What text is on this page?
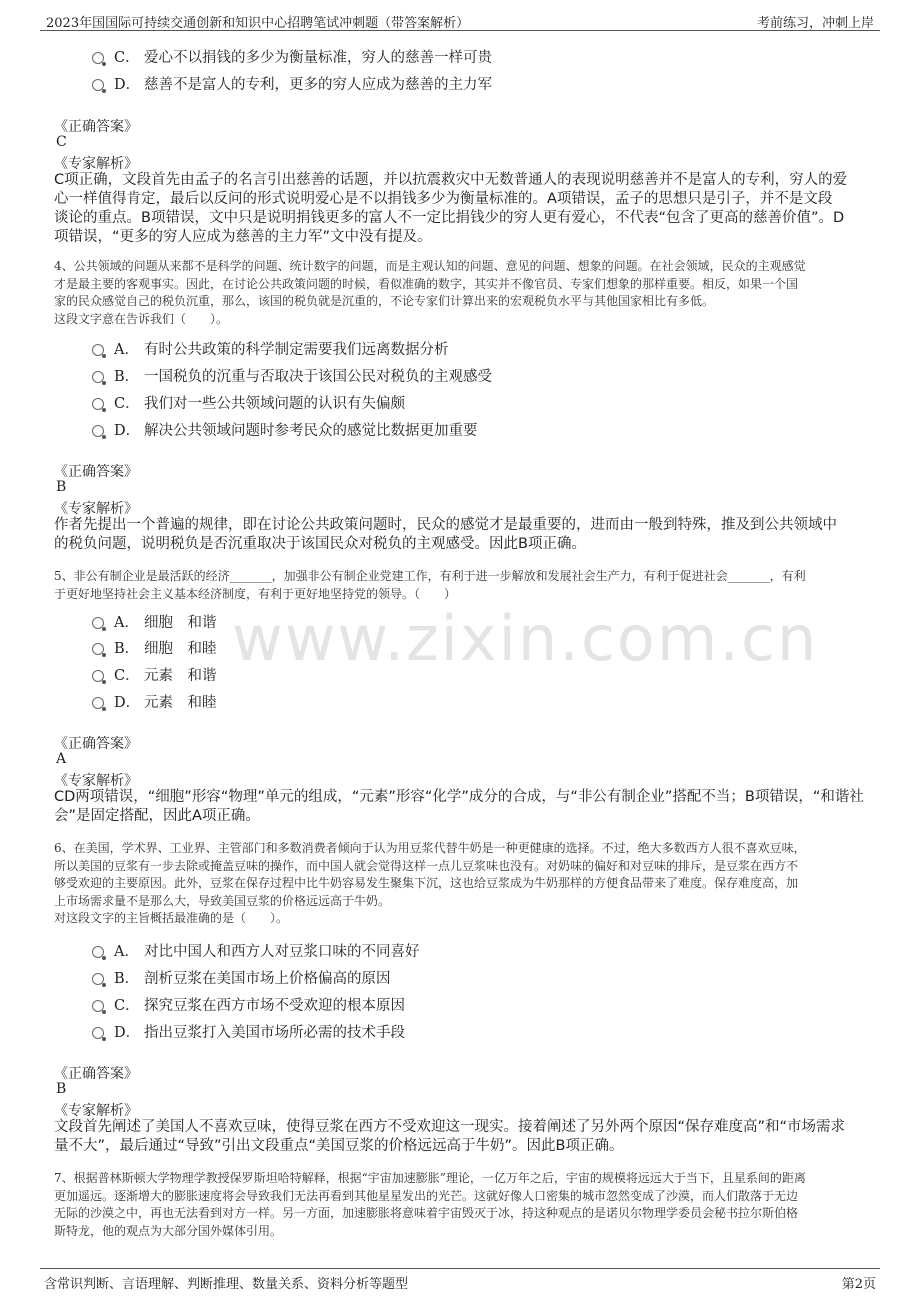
2023年国国际可持续交通创新和知识中心招聘笔试冲刺题（带答案解析）	考前练习，冲刺上岸
www.zixin.com.cn
C． 爱心不以捐钱的多少为衡量标准，穷人的慈善一样可贵
D． 慈善不是富人的专利，更多的穷人应成为慈善的主力军
《正确答案》
C
《专家解析》
C项正确，文段首先由孟子的名言引出慈善的话题，并以抗震救灾中无数普通人的表现说明慈善并不是富人的专利，穷人的爱
心一样值得肯定，最后以反问的形式说明爱心是不以捐钱多少为衡量标准的。A项错误，孟子的思想只是引子，并不是文段
谈论的重点。B项错误，文中只是说明捐钱更多的富人不一定比捐钱少的穷人更有爱心，不代表“包含了更高的慈善价值”。D
项错误，“更多的穷人应成为慈善的主力军”文中没有提及。
4、公共领域的问题从来都不是科学的问题、统计数字的问题，而是主观认知的问题、意见的问题、想象的问题。在社会领域，民众的主观感觉
才是最主要的客观事实。因此，在讨论公共政策问题的时候，看似准确的数字，其实并不像官员、专家们想象的那样重要。相反，如果一个国
家的民众感觉自己的税负沉重，那么，该国的税负就是沉重的，不论专家们计算出来的宏观税负水平与其他国家相比有多低。
这段文字意在告诉我们（　　）。
A． 有时公共政策的科学制定需要我们远离数据分析
B． 一国税负的沉重与否取决于该国公民对税负的主观感受
C． 我们对一些公共领域问题的认识有失偏颇
D． 解决公共领域问题时参考民众的感觉比数据更加重要
《正确答案》
B
《专家解析》
作者先提出一个普遍的规律，即在讨论公共政策问题时，民众的感觉才是最重要的，进而由一般到特殊，推及到公共领域中
的税负问题，说明税负是否沉重取决于该国民众对税负的主观感受。因此B项正确。
5、非公有制企业是最活跃的经济_______，加强非公有制企业党建工作，有利于进一步解放和发展社会生产力，有利于促进社会_______，有利
于更好地坚持社会主义基本经济制度，有利于更好地坚持党的领导。（　　）
A． 细胞　和谐
B． 细胞　和睦
C． 元素　和谐
D． 元素　和睦
《正确答案》
A
《专家解析》
CD两项错误，“细胞”形容“物理”单元的组成，“元素”形容“化学”成分的合成，与“非公有制企业”搭配不当；B项错误，“和谐社
会”是固定搭配，因此A项正确。
6、在美国，学术界、工业界、主管部门和多数消费者倾向于认为用豆浆代替牛奶是一种更健康的选择。不过，绝大多数西方人很不喜欢豆味，
所以美国的豆浆有一步去除或掩盖豆味的操作，而中国人就会觉得这样一点儿豆浆味也没有。对奶味的偏好和对豆味的排斥，是豆浆在西方不
够受欢迎的主要原因。此外，豆浆在保存过程中比牛奶容易发生聚集下沉，这也给豆浆成为牛奶那样的方便食品带来了难度。保存难度高，加
上市场需求量不是那么大，导致美国豆浆的价格远远高于牛奶。
对这段文字的主旨概括最准确的是（　　）。
A． 对比中国人和西方人对豆浆口味的不同喜好
B． 剖析豆浆在美国市场上价格偏高的原因
C． 探究豆浆在西方市场不受欢迎的根本原因
D． 指出豆浆打入美国市场所必需的技术手段
《正确答案》
B
《专家解析》
文段首先阐述了美国人不喜欢豆味，使得豆浆在西方不受欢迎这一现实。接着阐述了另外两个原因“保存难度高”和“市场需求
量不大”，最后通过“导致”引出文段重点“美国豆浆的价格远远高于牛奶”。因此B项正确。
7、根据普林斯顿大学物理学教授保罗斯坦哈特解释，根据“宇宙加速膨胀”理论，一亿万年之后，宇宙的规模将远远大于当下，且星系间的距离
更加遥远。逐渐增大的膨胀速度将会导致我们无法再看到其他星星发出的光芒。这就好像人口密集的城市忽然变成了沙漠，而人们散落于无边
无际的沙漠之中，再也无法看到对方一样。另一方面，加速膨胀将意味着宇宙毁灭于冰，持这种观点的是诺贝尔物理学委员会秘书拉尔斯伯格
斯特龙，他的观点为大部分国外媒体引用。
含常识判断、言语理解、判断推理、数量关系、资料分析等题型	第2页
